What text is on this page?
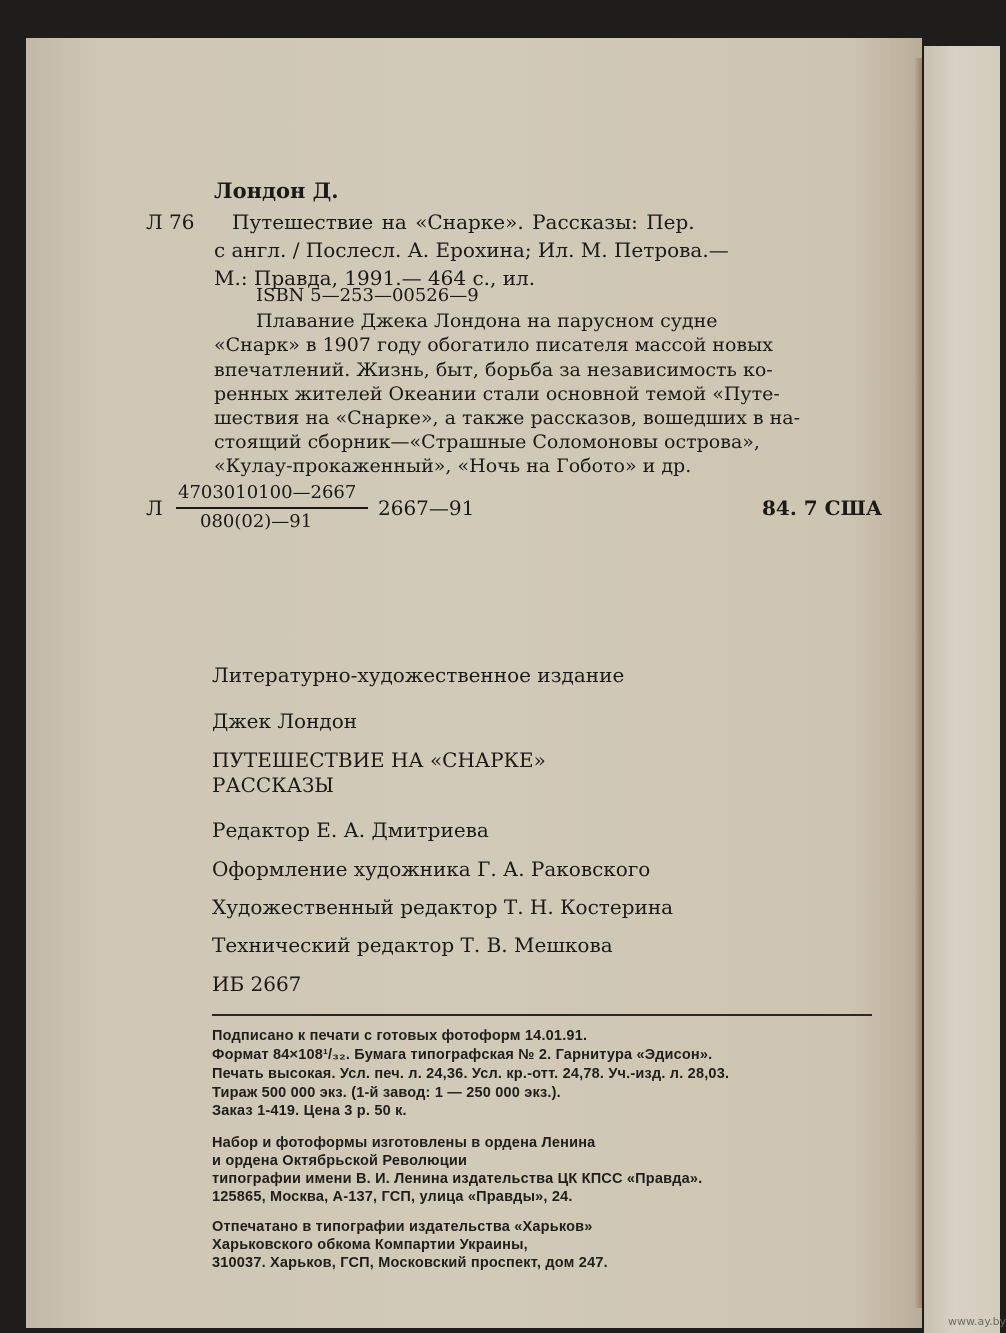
Лондон Д.
Л 76 Путешествие на «Снарке». Рассказы: Пер.
с англ. / Послесл. А. Ерохина; Ил. М. Петрова.—
М.: Правда, 1991.— 464 с., ил.
ISBN 5—253—00526—9
Плавание Джека Лондона на парусном судне
«Снарк» в 1907 году обогатило писателя массой новых
впечатлений. Жизнь, быт, борьба за независимость ко-
ренных жителей Океании стали основной темой «Путе-
шествия на «Снарке», а также рассказов, вошедших в на-
стоящий сборник—«Страшные Соломоновы острова»,
«Кулау-прокаженный», «Ночь на Гобото» и др.
Л
4703010100—2667
080(02)—91
2667—91	84. 7 США
Литературно-художественное издание
Джек Лондон
ПУТЕШЕСТВИЕ НА «СНАРКЕ»
РАССКАЗЫ
Редактор Е. А. Дмитриева
Оформление художника Г. А. Раковского
Художественный редактор Т. Н. Костерина
Технический редактор Т. В. Мешкова
ИБ 2667
Подписано к печати с готовых фотоформ 14.01.91.
Формат 84×108¹/₃₂. Бумага типографская № 2. Гарнитура «Эдисон».
Печать высокая. Усл. печ. л. 24,36. Усл. кр.-отт. 24,78. Уч.-изд. л. 28,03.
Тираж 500 000 экз. (1-й завод: 1 — 250 000 экз.).
Заказ 1-419. Цена 3 р. 50 к.
Набор и фотоформы изготовлены в ордена Ленина
и ордена Октябрьской Революции
типографии имени В. И. Ленина издательства ЦК КПСС «Правда».
125865, Москва, А-137, ГСП, улица «Правды», 24.
Отпечатано в типографии издательства «Харьков»
Харьковского обкома Компартии Украины,
310037. Харьков, ГСП, Московский проспект, дом 247.
www.ay.by
